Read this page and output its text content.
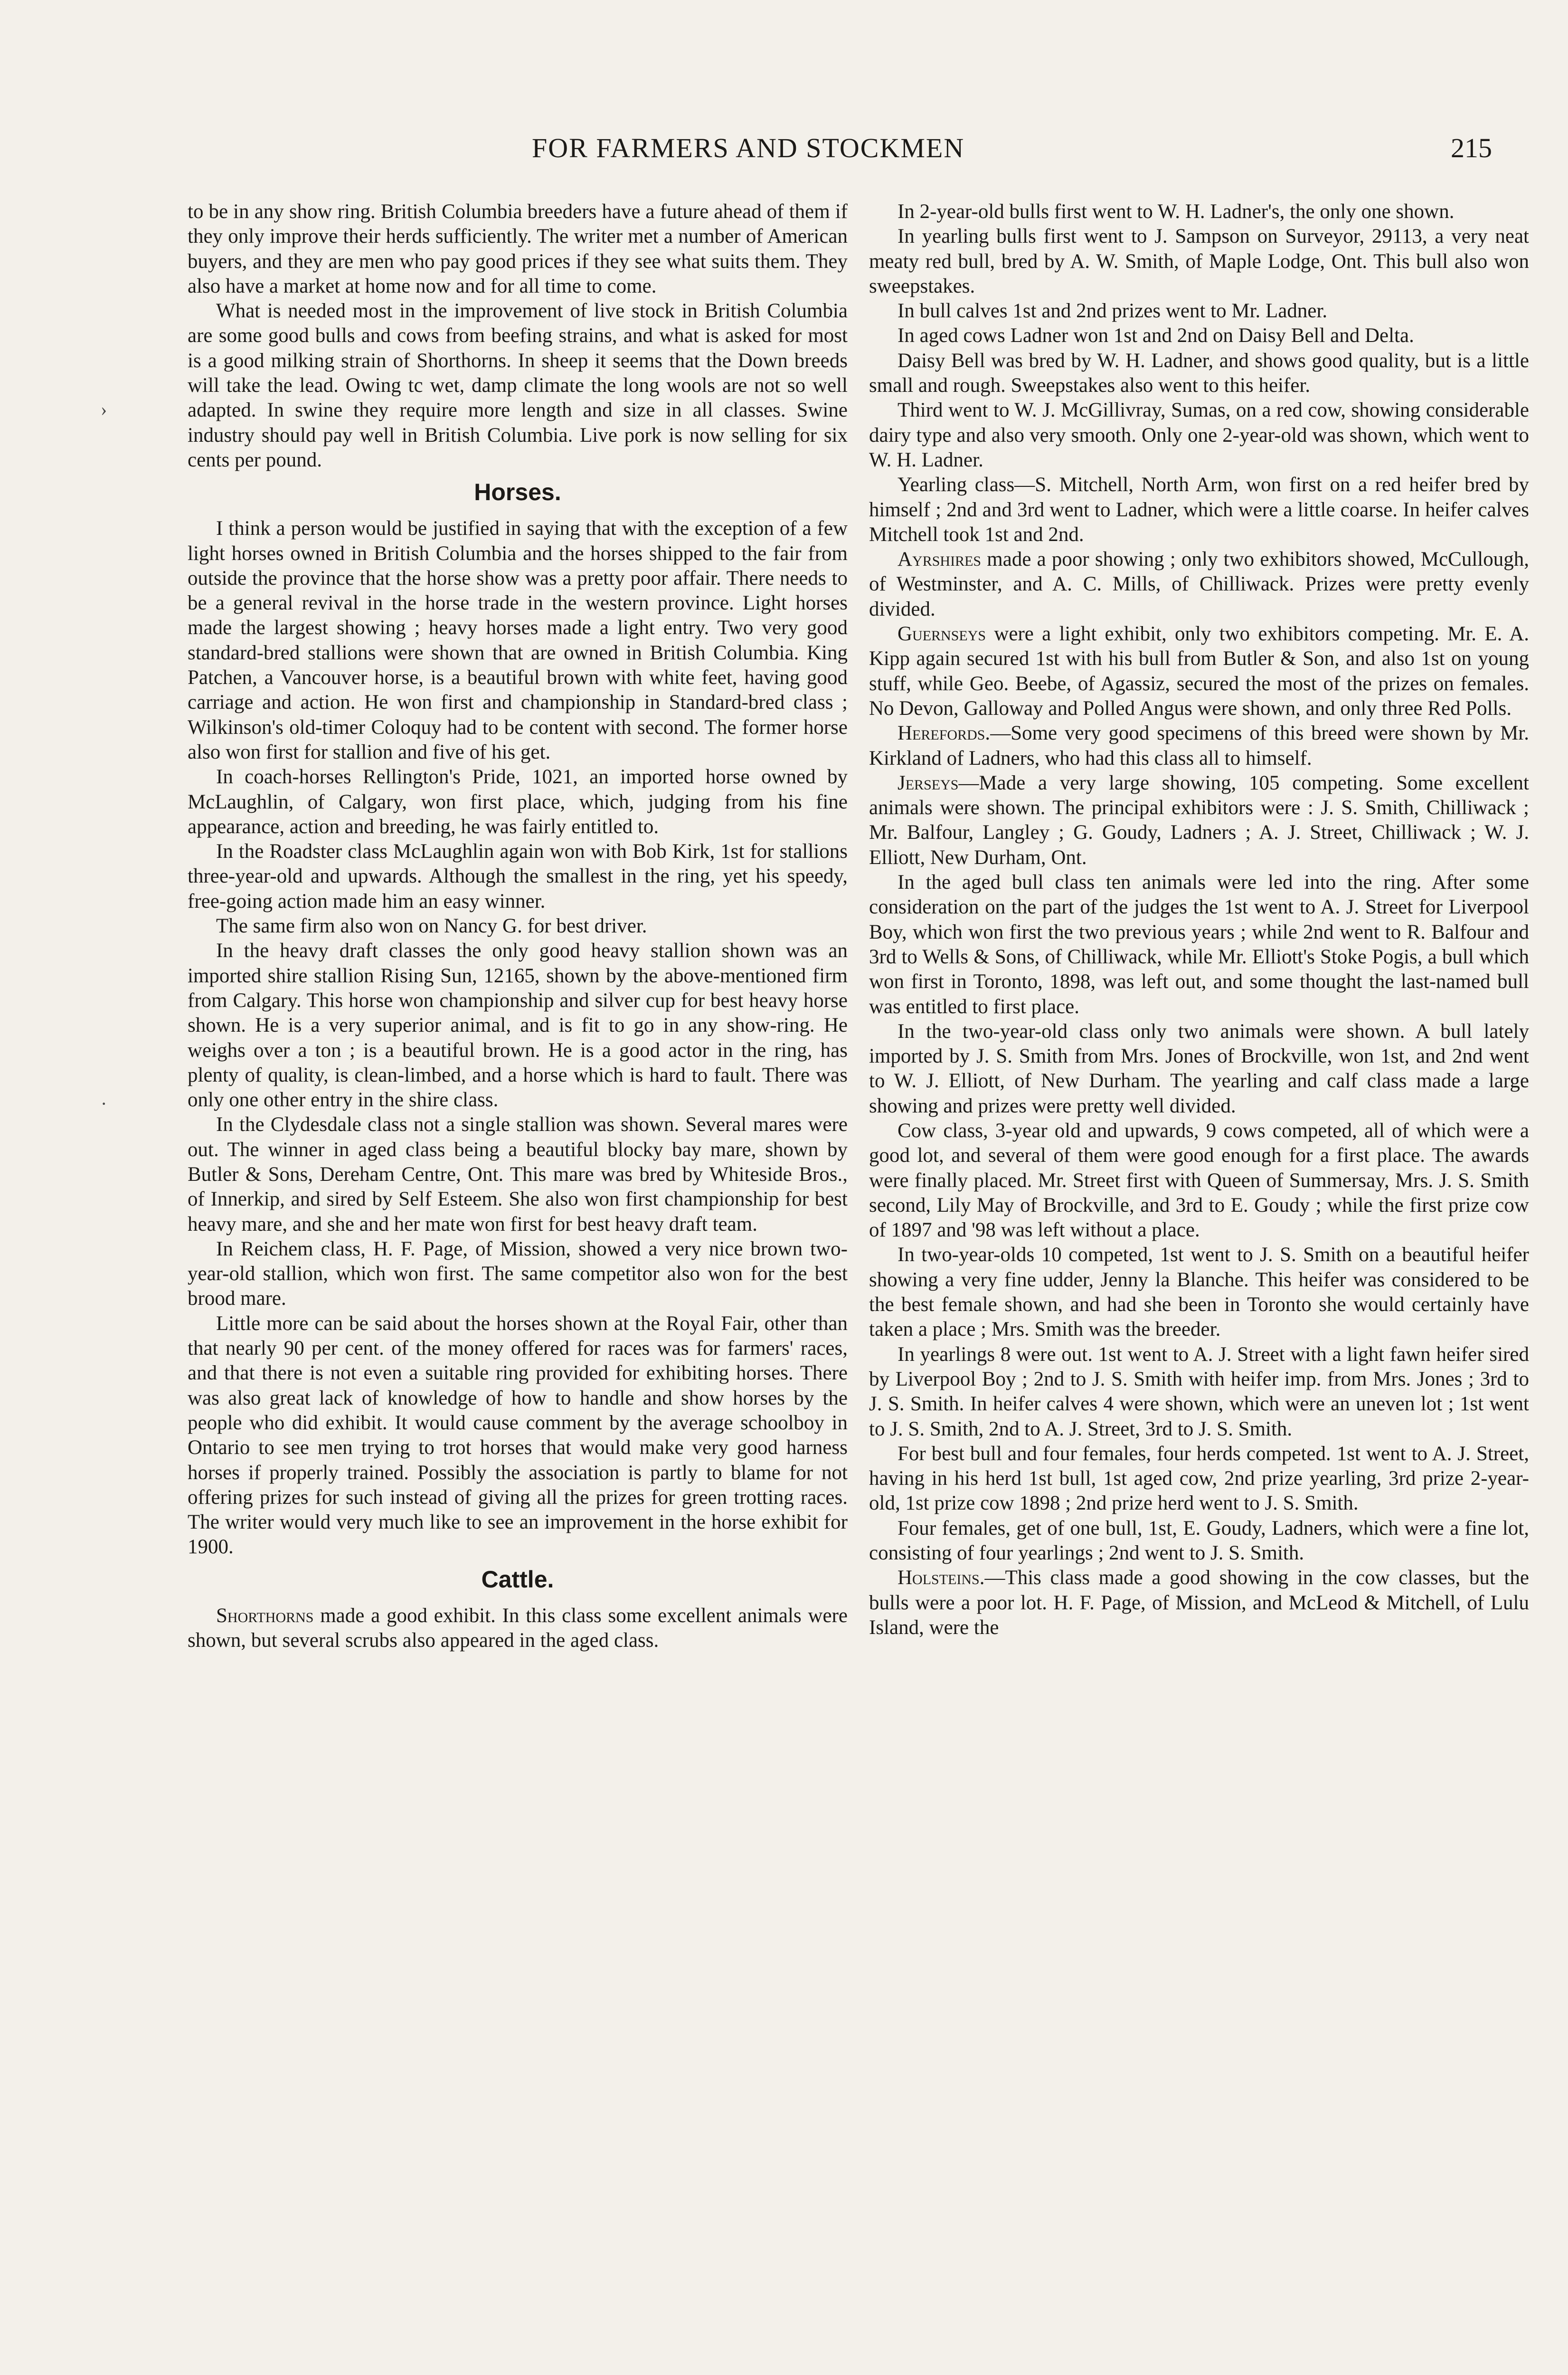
FOR FARMERS AND STOCKMEN	215
›
·

to be in any show ring. British Columbia breeders have a future ahead of them if they only improve their herds sufficiently. The writer met a number of American buyers, and they are men who pay good prices if they see what suits them. They also have a market at home now and for all time to come.

What is needed most in the improvement of live stock in British Columbia are some good bulls and cows from beefing strains, and what is asked for most is a good milking strain of Shorthorns. In sheep it seems that the Down breeds will take the lead. Owing tc wet, damp climate the long wools are not so well adapted. In swine they require more length and size in all classes. Swine industry should pay well in British Columbia. Live pork is now selling for six cents per pound.

Horses.

I think a person would be justified in saying that with the exception of a few light horses owned in British Columbia and the horses shipped to the fair from outside the province that the horse show was a pretty poor affair. There needs to be a general revival in the horse trade in the western province. Light horses made the largest showing ; heavy horses made a light entry. Two very good standard-bred stallions were shown that are owned in British Columbia. King Patchen, a Vancouver horse, is a beautiful brown with white feet, having good carriage and action. He won first and championship in Standard-bred class ; Wilkinson's old-timer Coloquy had to be content with second. The former horse also won first for stallion and five of his get.

In coach-horses Rellington's Pride, 1021, an imported horse owned by McLaughlin, of Calgary, won first place, which, judging from his fine appearance, action and breeding, he was fairly entitled to.

In the Roadster class McLaughlin again won with Bob Kirk, 1st for stallions three-year-old and upwards. Although the smallest in the ring, yet his speedy, free-going action made him an easy winner.

The same firm also won on Nancy G. for best driver.

In the heavy draft classes the only good heavy stallion shown was an imported shire stallion Rising Sun, 12165, shown by the above-mentioned firm from Calgary. This horse won championship and silver cup for best heavy horse shown. He is a very superior animal, and is fit to go in any show-ring. He weighs over a ton ; is a beautiful brown. He is a good actor in the ring, has plenty of quality, is clean-limbed, and a horse which is hard to fault. There was only one other entry in the shire class.

In the Clydesdale class not a single stallion was shown. Several mares were out. The winner in aged class being a beautiful blocky bay mare, shown by Butler & Sons, Dereham Centre, Ont. This mare was bred by Whiteside Bros., of Innerkip, and sired by Self Esteem. She also won first championship for best heavy mare, and she and her mate won first for best heavy draft team.

In Reichem class, H. F. Page, of Mission, showed a very nice brown two-year-old stallion, which won first. The same competitor also won for the best brood mare.

Little more can be said about the horses shown at the Royal Fair, other than that nearly 90 per cent. of the money offered for races was for farmers' races, and that there is not even a suitable ring provided for exhibiting horses. There was also great lack of knowledge of how to handle and show horses by the people who did exhibit. It would cause comment by the average schoolboy in Ontario to see men trying to trot horses that would make very good harness horses if properly trained. Possibly the association is partly to blame for not offering prizes for such instead of giving all the prizes for green trotting races. The writer would very much like to see an improvement in the horse exhibit for 1900.

Cattle.

Shorthorns made a good exhibit. In this class some excellent animals were shown, but several scrubs also appeared in the aged class.

In 2-year-old bulls first went to W. H. Ladner's, the only one shown.

In yearling bulls first went to J. Sampson on Surveyor, 29113, a very neat meaty red bull, bred by A. W. Smith, of Maple Lodge, Ont. This bull also won sweepstakes.

In bull calves 1st and 2nd prizes went to Mr. Ladner.

In aged cows Ladner won 1st and 2nd on Daisy Bell and Delta.

Daisy Bell was bred by W. H. Ladner, and shows good quality, but is a little small and rough. Sweepstakes also went to this heifer.

Third went to W. J. McGillivray, Sumas, on a red cow, showing considerable dairy type and also very smooth. Only one 2-year-old was shown, which went to W. H. Ladner.

Yearling class—S. Mitchell, North Arm, won first on a red heifer bred by himself ; 2nd and 3rd went to Ladner, which were a little coarse. In heifer calves Mitchell took 1st and 2nd.

Ayrshires made a poor showing ; only two exhibitors showed, McCullough, of Westminster, and A. C. Mills, of Chilliwack. Prizes were pretty evenly divided.

Guernseys were a light exhibit, only two exhibitors competing. Mr. E. A. Kipp again secured 1st with his bull from Butler & Son, and also 1st on young stuff, while Geo. Beebe, of Agassiz, secured the most of the prizes on females. No Devon, Galloway and Polled Angus were shown, and only three Red Polls.

Herefords.—Some very good specimens of this breed were shown by Mr. Kirkland of Ladners, who had this class all to himself.

Jerseys—Made a very large showing, 105 competing. Some excellent animals were shown. The principal exhibitors were : J. S. Smith, Chilliwack ; Mr. Balfour, Langley ; G. Goudy, Ladners ; A. J. Street, Chilliwack ; W. J. Elliott, New Durham, Ont.

In the aged bull class ten animals were led into the ring. After some consideration on the part of the judges the 1st went to A. J. Street for Liverpool Boy, which won first the two previous years ; while 2nd went to R. Balfour and 3rd to Wells & Sons, of Chilliwack, while Mr. Elliott's Stoke Pogis, a bull which won first in Toronto, 1898, was left out, and some thought the last-named bull was entitled to first place.

In the two-year-old class only two animals were shown. A bull lately imported by J. S. Smith from Mrs. Jones of Brockville, won 1st, and 2nd went to W. J. Elliott, of New Durham. The yearling and calf class made a large showing and prizes were pretty well divided.

Cow class, 3-year old and upwards, 9 cows competed, all of which were a good lot, and several of them were good enough for a first place. The awards were finally placed. Mr. Street first with Queen of Summersay, Mrs. J. S. Smith second, Lily May of Brockville, and 3rd to E. Goudy ; while the first prize cow of 1897 and '98 was left without a place.

In two-year-olds 10 competed, 1st went to J. S. Smith on a beautiful heifer showing a very fine udder, Jenny la Blanche. This heifer was considered to be the best female shown, and had she been in Toronto she would certainly have taken a place ; Mrs. Smith was the breeder.

In yearlings 8 were out. 1st went to A. J. Street with a light fawn heifer sired by Liverpool Boy ; 2nd to J. S. Smith with heifer imp. from Mrs. Jones ; 3rd to J. S. Smith. In heifer calves 4 were shown, which were an uneven lot ; 1st went to J. S. Smith, 2nd to A. J. Street, 3rd to J. S. Smith.

For best bull and four females, four herds competed. 1st went to A. J. Street, having in his herd 1st bull, 1st aged cow, 2nd prize yearling, 3rd prize 2-year-old, 1st prize cow 1898 ; 2nd prize herd went to J. S. Smith.

Four females, get of one bull, 1st, E. Goudy, Ladners, which were a fine lot, consisting of four yearlings ; 2nd went to J. S. Smith.

Holsteins.—This class made a good showing in the cow classes, but the bulls were a poor lot. H. F. Page, of Mission, and McLeod & Mitchell, of Lulu Island, were the
